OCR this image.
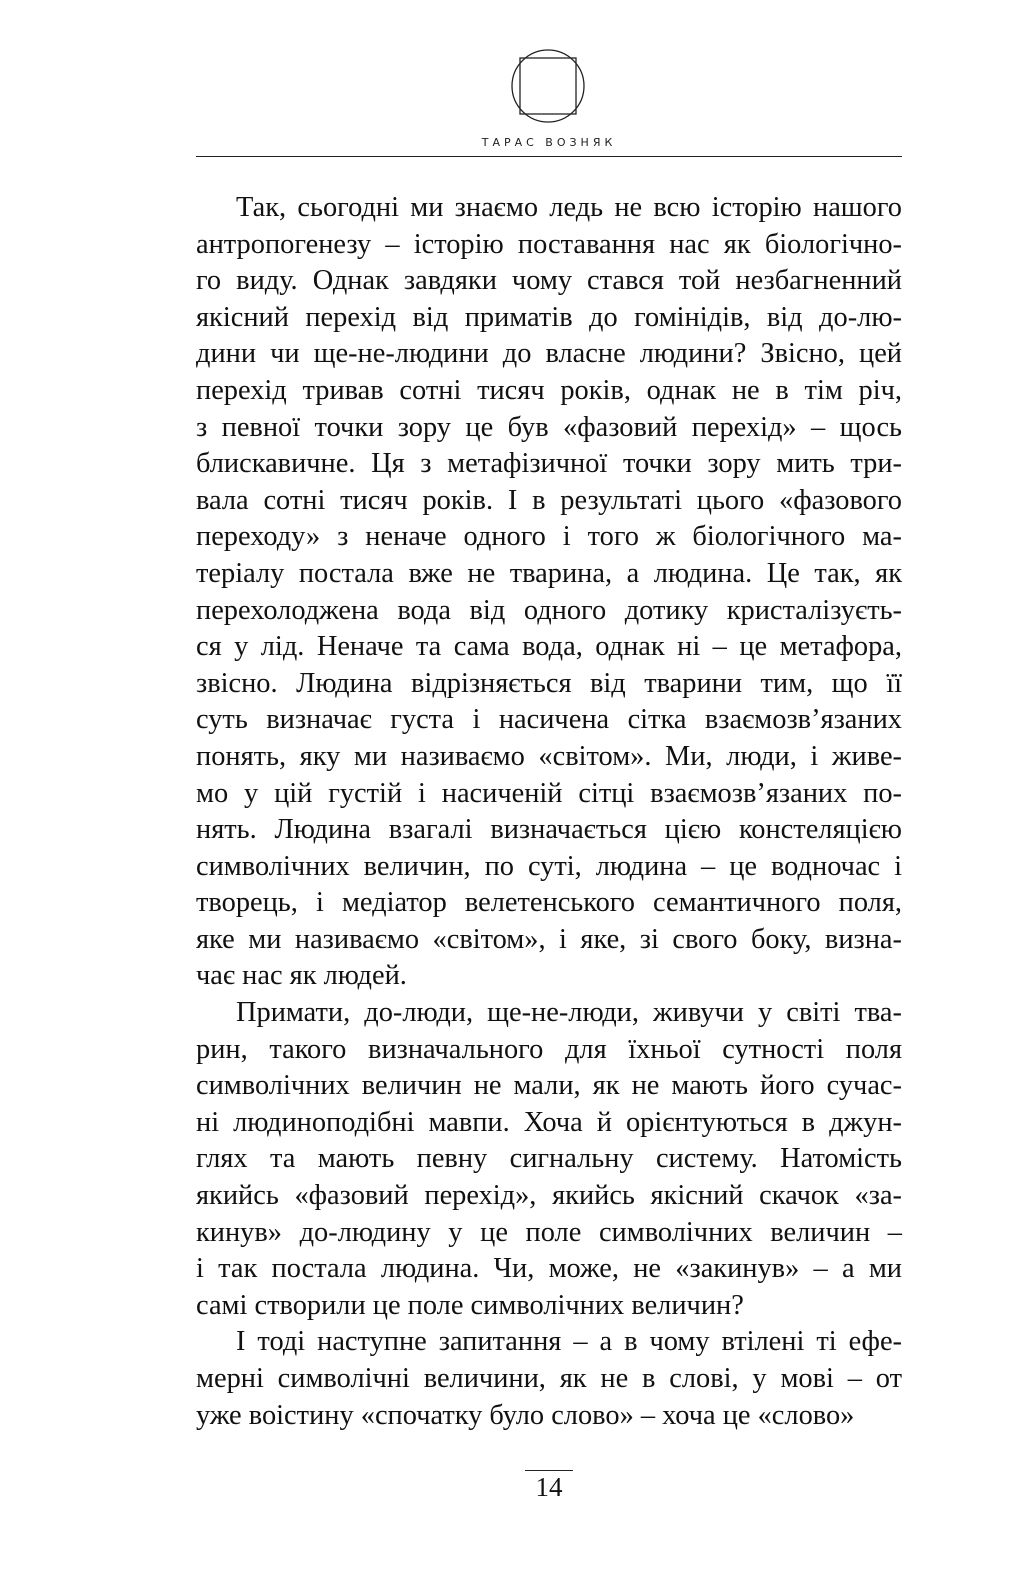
ТАРАС ВОЗНЯК
Так, сьогодні ми знаємо ледь не всю історію нашого
антропогенезу – історію поставання нас як біологічно-
го виду. Однак завдяки чому стався той незбагненний
якісний перехід від приматів до гомінідів, від до-лю-
дини чи ще-не-людини до власне людини? Звісно, цей
перехід тривав сотні тисяч років, однак не в тім річ,
з певної точки зору це був «фазовий перехід» – щось
блискавичне. Ця з метафізичної точки зору мить три-
вала сотні тисяч років. І в результаті цього «фазового
переходу» з неначе одного і того ж біологічного ма-
теріалу постала вже не тварина, а людина. Це так, як
перехолоджена вода від одного дотику кристалізуєть-
ся у лід. Неначе та сама вода, однак ні – це метафора,
звісно. Людина відрізняється від тварини тим, що її
суть визначає густа і насичена сітка взаємозв’язаних
понять, яку ми називаємо «світом». Ми, люди, і живе-
мо у цій густій і насиченій сітці взаємозв’язаних по-
нять. Людина взагалі визначається цією констеляцією
символічних величин, по суті, людина – це водночас і
творець, і медіатор велетенського семантичного поля,
яке ми називаємо «світом», і яке, зі свого боку, визна-
чає нас як людей.
Примати, до-люди, ще-не-люди, живучи у світі тва-
рин, такого визначального для їхньої сутності поля
символічних величин не мали, як не мають його сучас-
ні людиноподібні мавпи. Хоча й орієнтуються в джун-
глях та мають певну сигнальну систему. Натомість
якийсь «фазовий перехід», якийсь якісний скачок «за-
кинув» до-людину у це поле символічних величин –
і так постала людина. Чи, може, не «закинув» – а ми
самі створили це поле символічних величин?
І тоді наступне запитання – а в чому втілені ті ефе-
мерні символічні величини, як не в слові, у мові – от
уже воістину «спочатку було слово» – хоча це «слово»
14
